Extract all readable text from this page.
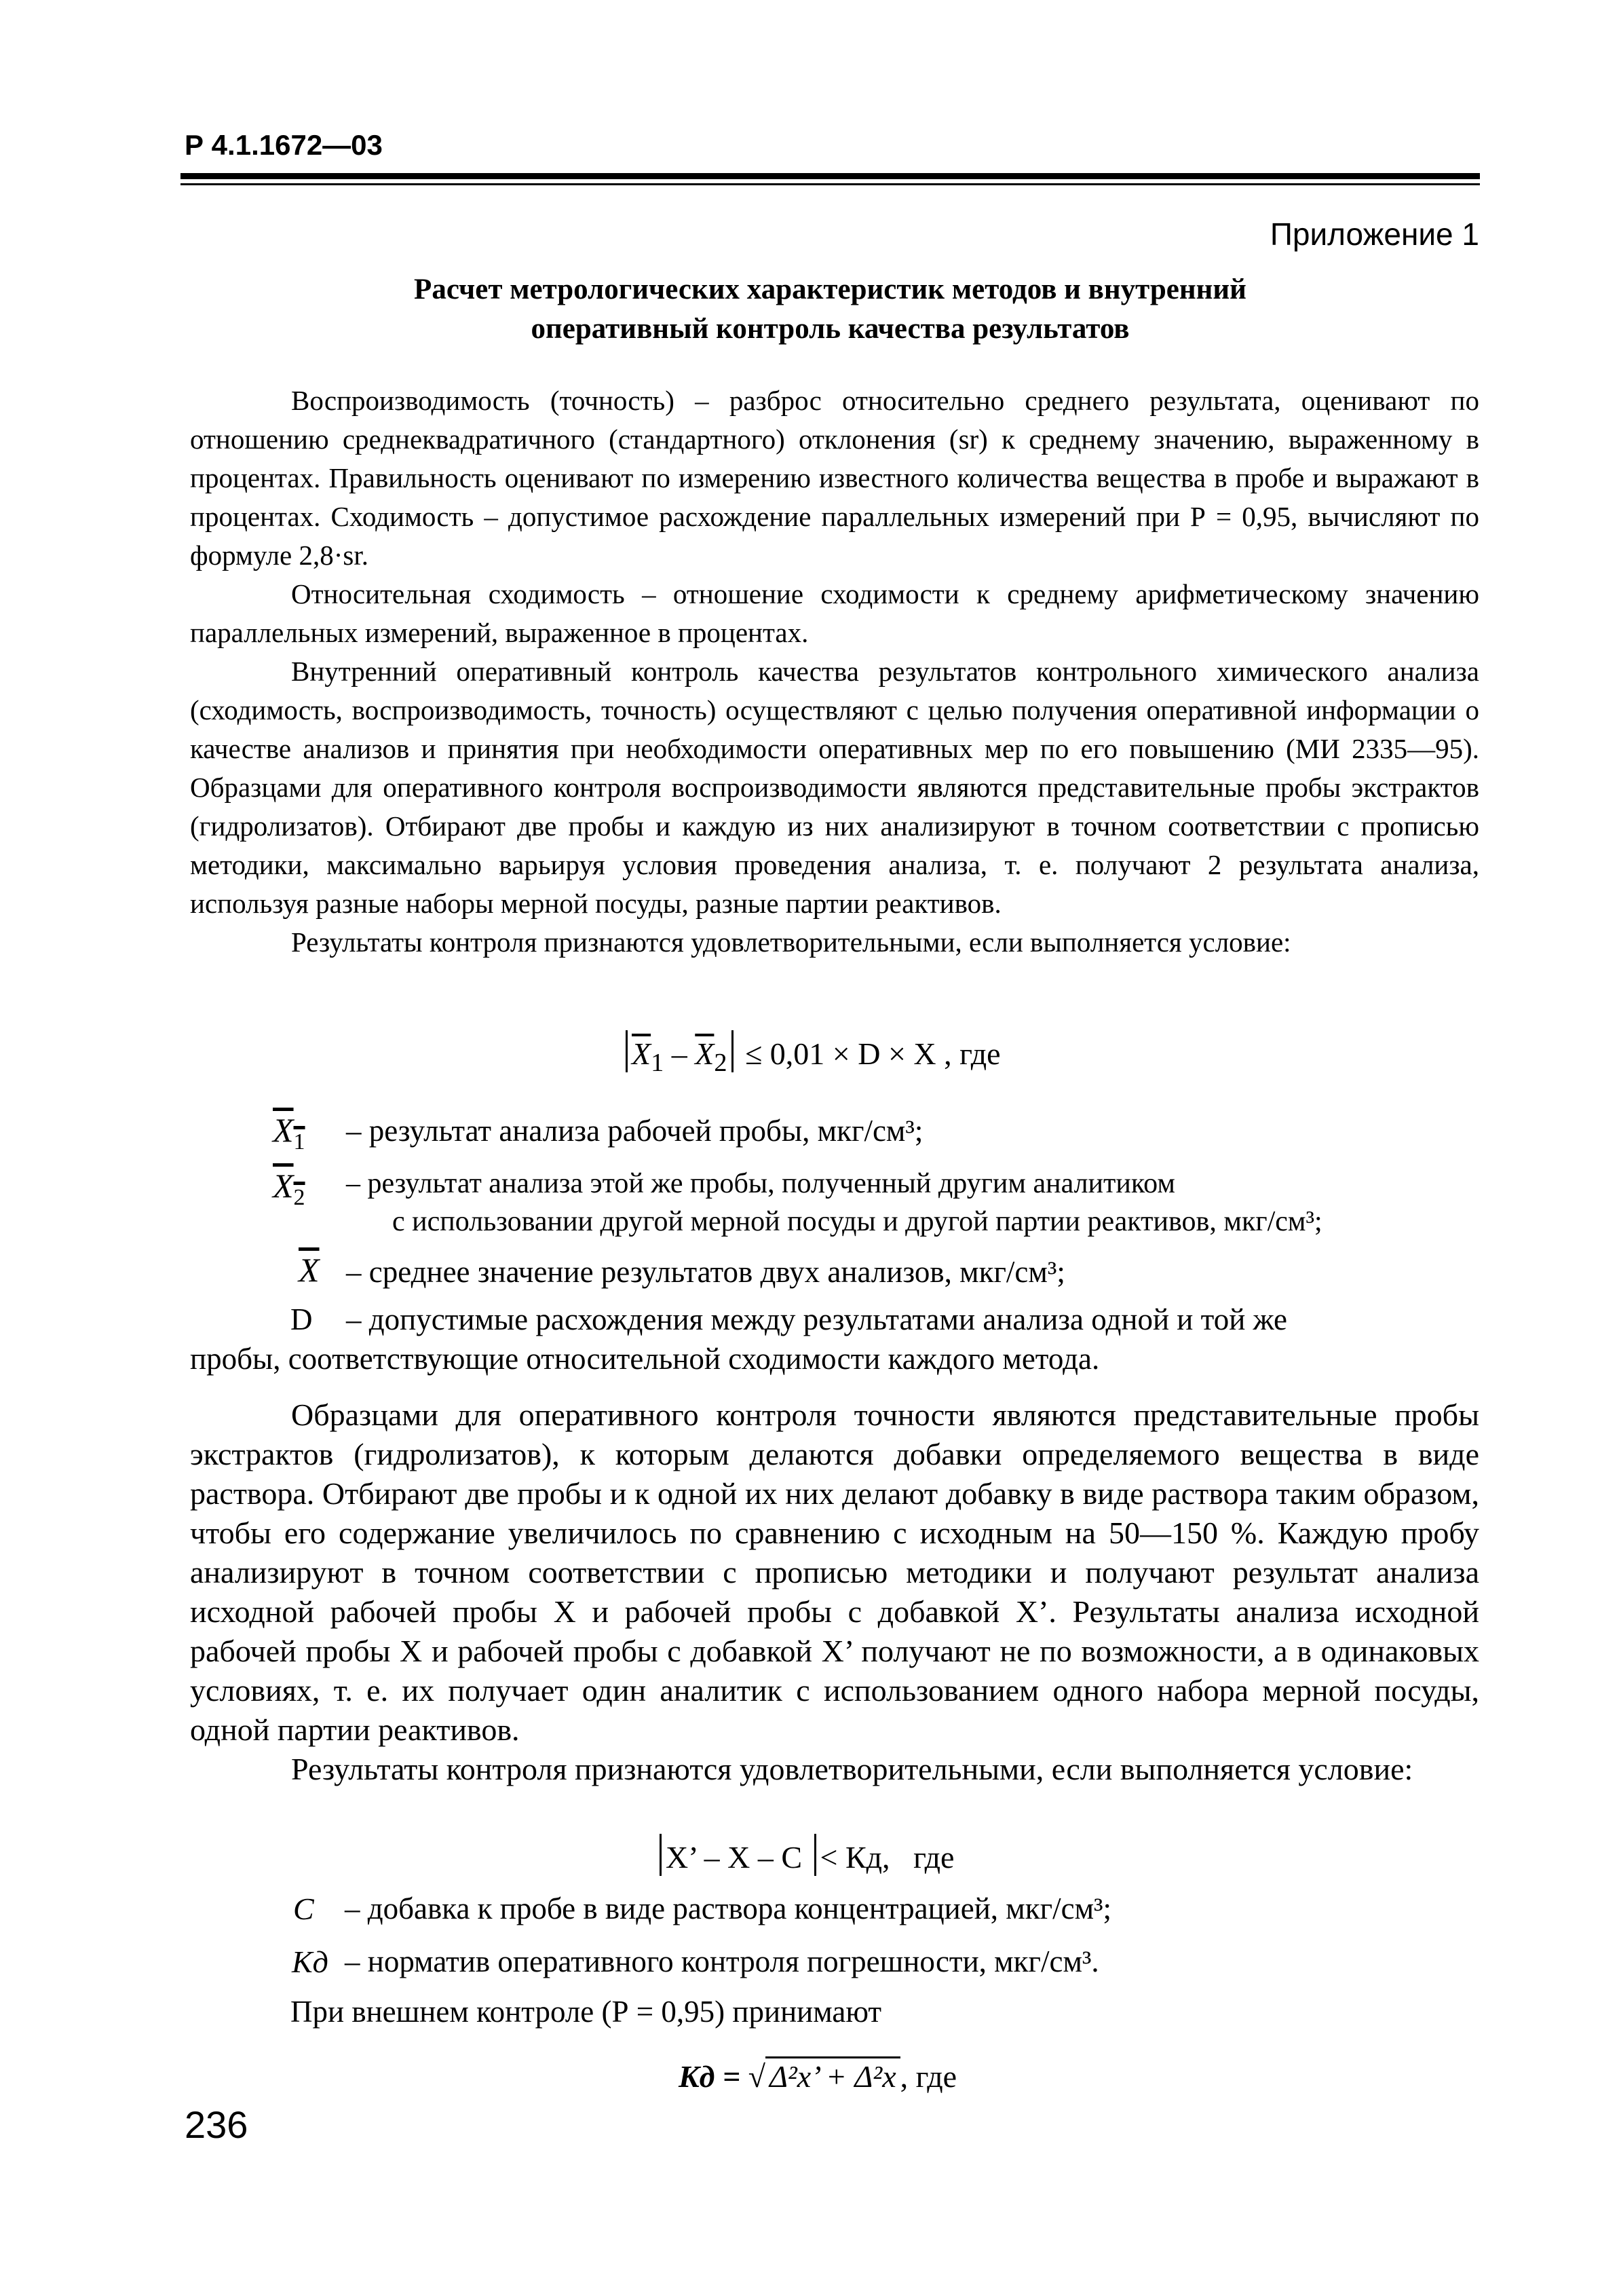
Р 4.1.1672—03
Приложение 1
Расчет метрологических характеристик методов и внутренний
оперативный контроль качества результатов

Воспроизводимость (точность) – разброс относительно среднего результата, оценивают по отношению среднеквадратичного (стандартного) отклонения (sr) к среднему значению, выраженному в процентах. Правильность оценивают по измерению известного количества вещества в пробе и выражают в процентах. Сходимость – допустимое расхождение параллельных измерений при Р = 0,95, вычисляют по формуле 2,8·sr.

Относительная сходимость – отношение сходимости к среднему арифметическому значению параллельных измерений, выраженное в процентах.

Внутренний оперативный контроль качества результатов контрольного химического анализа (сходимость, воспроизводимость, точность) осуществляют с целью получения оперативной информации о качестве анализов и принятия при необходимости оперативных мер по его повышению (МИ 2335—95). Образцами для оперативного контроля воспроизводимости являются представительные пробы экстрактов (гидролизатов). Отбирают две пробы и каждую из них анализируют в точном соответствии с прописью методики, максимально варьируя условия проведения анализа, т. е. получают 2 результата анализа, используя разные наборы мерной посуды, разные партии реактивов.

Результаты контроля признаются удовлетворительными, если выполняется условие:

$\overline{X}_1 - \overline{X}_2 \le 0,01 \times D \times X$ , где
$X_1$ – результат анализа рабочей пробы, мкг/см³;
$X_2$ – результат анализа этой же пробы, полученный другим аналитиком
с использовании другой мерной посуды и другой партии реактивов, мкг/см³;
$\overline{X}$ – среднее значение результатов двух анализов, мкг/см³;
D – допустимые расхождения между результатами анализа одной и той же
пробы, соответствующие относительной сходимости каждого метода.

Образцами для оперативного контроля точности являются представительные пробы экстрактов (гидролизатов), к которым делаются добавки определяемого вещества в виде раствора. Отбирают две пробы и к одной их них делают добавку в виде раствора таким образом, чтобы его содержание увеличилось по сравнению с исходным на 50—150 %. Каждую пробу анализируют в точном соответствии с прописью методики и получают результат анализа исходной рабочей пробы X и рабочей пробы с добавкой X’. Результаты анализа исходной рабочей пробы X и рабочей пробы с добавкой X’ получают не по возможности, а в одинаковых условиях, т. е. их получает один аналитик с использованием одного набора мерной посуды, одной партии реактивов.

Результаты контроля признаются удовлетворительными, если выполняется условие:

X’ – X – C < Кд, где
C – добавка к пробе в виде раствора концентрацией, мкг/см³;
Kд – норматив оперативного контроля погрешности, мкг/см³.
При внешнем контроле (Р = 0,95) принимают
Kд = √ Δ²x’ + Δ²x , где
236
